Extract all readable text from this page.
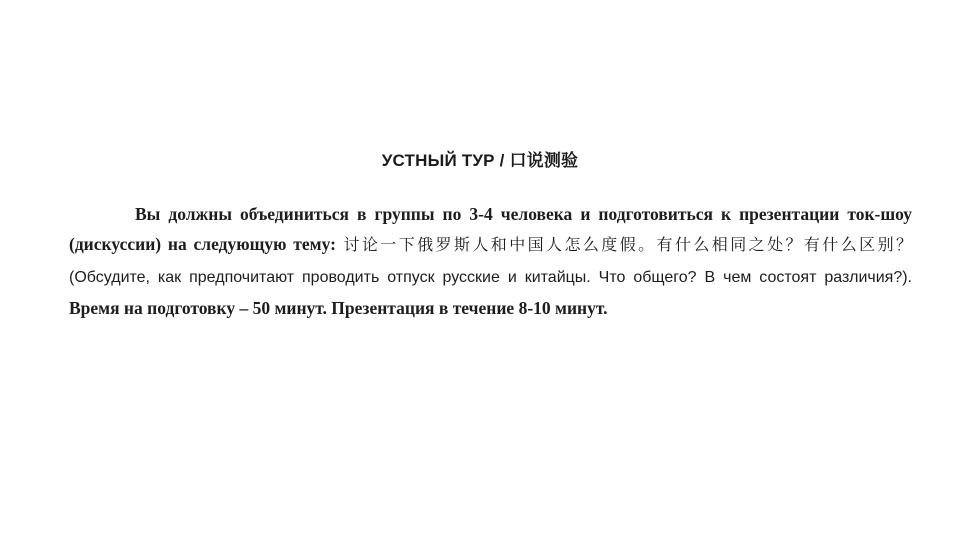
УСТНЫЙ ТУР / 口说测验
Вы должны объединиться в группы по 3-4 человека и подготовиться к презентации ток-шоу (дискуссии) на следующую тему: 讨论一下俄罗斯人和中国人怎么度假。有什么相同之处？有什么区别？ (Обсудите, как предпочитают проводить отпуск русские и китайцы. Что общего? В чем состоят различия?). Время на подготовку – 50 минут. Презентация в течение 8-10 минут.
